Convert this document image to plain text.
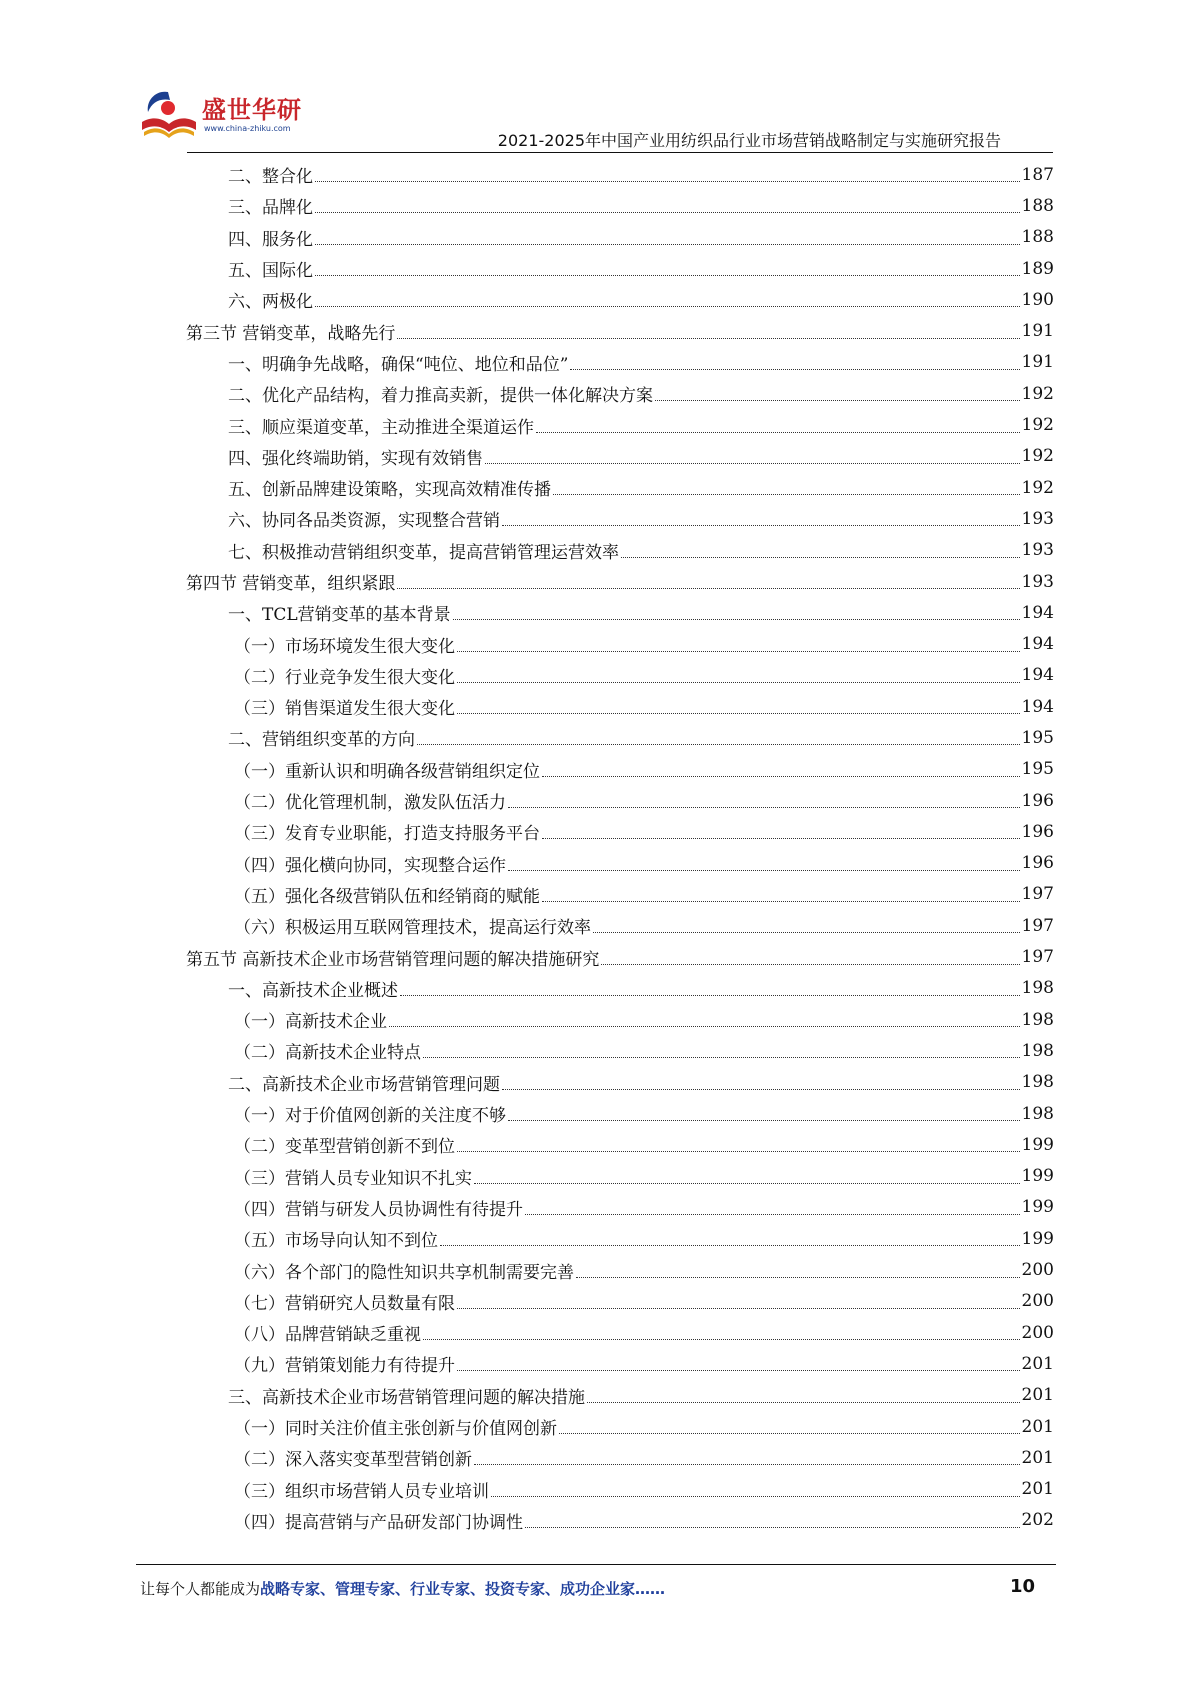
盛世华研
www.china-zhiku.com
2021-2025年中国产业用纺织品行业市场营销战略制定与实施研究报告
二、整合化	187
三、品牌化	188
四、服务化	188
五、国际化	189
六、两极化	190
第三节 营销变革，战略先行	191
一、明确争先战略，确保“吨位、地位和品位”	191
二、优化产品结构，着力推高卖新，提供一体化解决方案	192
三、顺应渠道变革，主动推进全渠道运作	192
四、强化终端助销，实现有效销售	192
五、创新品牌建设策略，实现高效精准传播	192
六、协同各品类资源，实现整合营销	193
七、积极推动营销组织变革，提高营销管理运营效率	193
第四节 营销变革，组织紧跟	193
一、TCL营销变革的基本背景	194
（一）市场环境发生很大变化	194
（二）行业竞争发生很大变化	194
（三）销售渠道发生很大变化	194
二、营销组织变革的方向	195
（一）重新认识和明确各级营销组织定位	195
（二）优化管理机制，激发队伍活力	196
（三）发育专业职能，打造支持服务平台	196
（四）强化横向协同，实现整合运作	196
（五）强化各级营销队伍和经销商的赋能	197
（六）积极运用互联网管理技术，提高运行效率	197
第五节 高新技术企业市场营销管理问题的解决措施研究	197
一、高新技术企业概述	198
（一）高新技术企业	198
（二）高新技术企业特点	198
二、高新技术企业市场营销管理问题	198
（一）对于价值网创新的关注度不够	198
（二）变革型营销创新不到位	199
（三）营销人员专业知识不扎实	199
（四）营销与研发人员协调性有待提升	199
（五）市场导向认知不到位	199
（六）各个部门的隐性知识共享机制需要完善	200
（七）营销研究人员数量有限	200
（八）品牌营销缺乏重视	200
（九）营销策划能力有待提升	201
三、高新技术企业市场营销管理问题的解决措施	201
（一）同时关注价值主张创新与价值网创新	201
（二）深入落实变革型营销创新	201
（三）组织市场营销人员专业培训	201
（四）提高营销与产品研发部门协调性	202
让每个人都能成为战略专家、管理专家、行业专家、投资专家、成功企业家……	10
